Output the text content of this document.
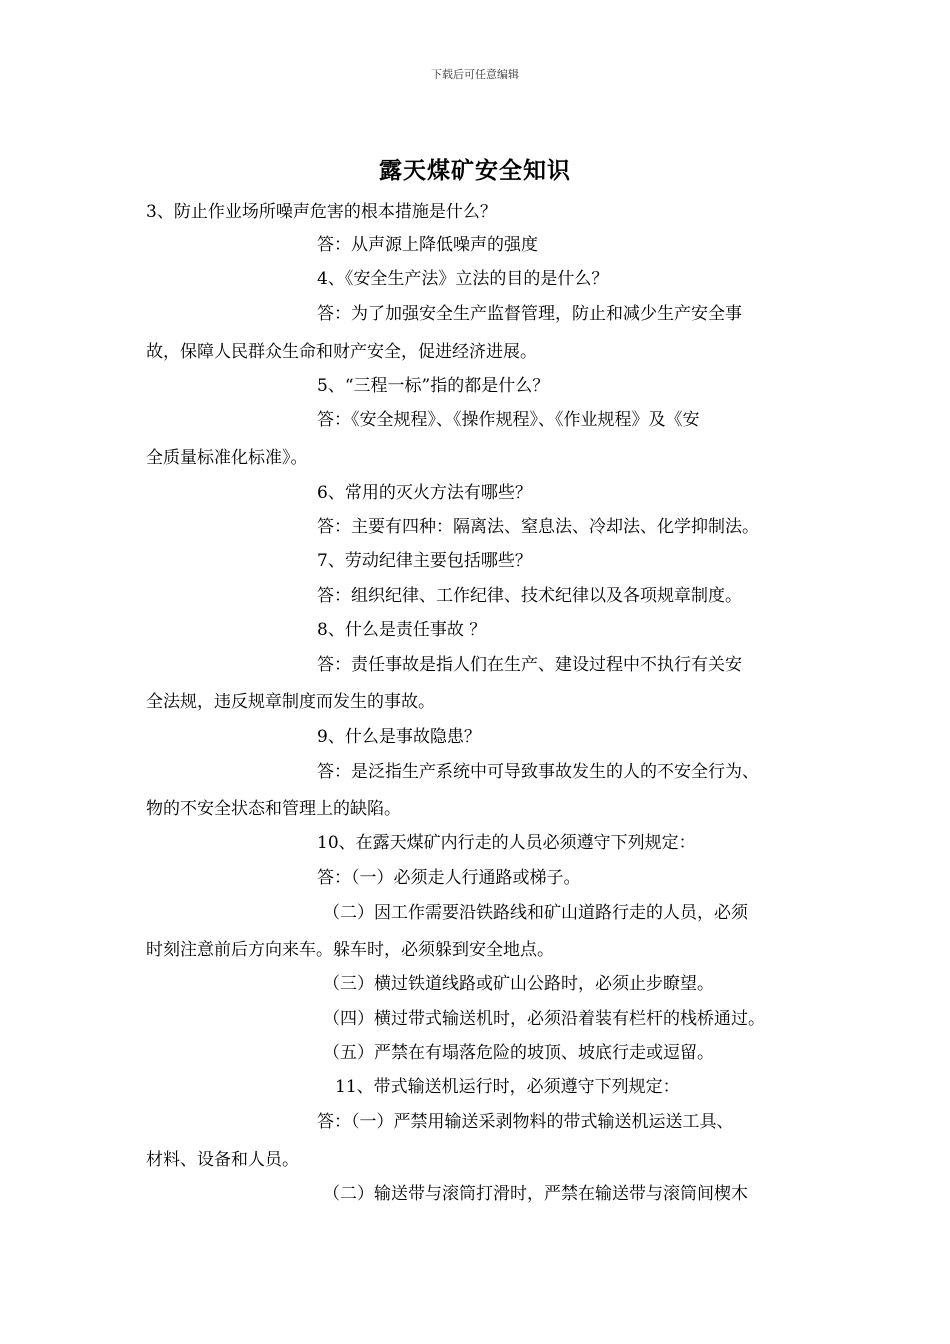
下载后可任意编辑
露天煤矿安全知识
3、防止作业场所噪声危害的根本措施是什么？
答：从声源上降低噪声的强度
4、《安全生产法》立法的目的是什么？
答：为了加强安全生产监督管理，防止和减少生产安全事
故，保障人民群众生命和财产安全，促进经济进展。
5、“三程一标”指的都是什么？
答：《安全规程》、《操作规程》、《作业规程》及《安
全质量标准化标准》。
6、常用的灭火方法有哪些？
答：主要有四种：隔离法、窒息法、冷却法、化学抑制法。
7、劳动纪律主要包括哪些？
答：组织纪律、工作纪律、技术纪律以及各项规章制度。
8、什么是责任事故 ？
答：责任事故是指人们在生产、建设过程中不执行有关安
全法规，违反规章制度而发生的事故。
9、什么是事故隐患？
答：是泛指生产系统中可导致事故发生的人的不安全行为、
物的不安全状态和管理上的缺陷。
10、在露天煤矿内行走的人员必须遵守下列规定：
答：（一）必须走人行通路或梯子。
（二）因工作需要沿铁路线和矿山道路行走的人员，必须
时刻注意前后方向来车。躲车时，必须躲到安全地点。
（三）横过铁道线路或矿山公路时，必须止步瞭望。
（四）横过带式输送机时，必须沿着装有栏杆的栈桥通过。
（五）严禁在有塌落危险的坡顶、坡底行走或逗留。
11、带式输送机运行时，必须遵守下列规定：
答：（一）严禁用输送采剥物料的带式输送机运送工具、
材料、设备和人员。
（二）输送带与滚筒打滑时，严禁在输送带与滚筒间楔木
